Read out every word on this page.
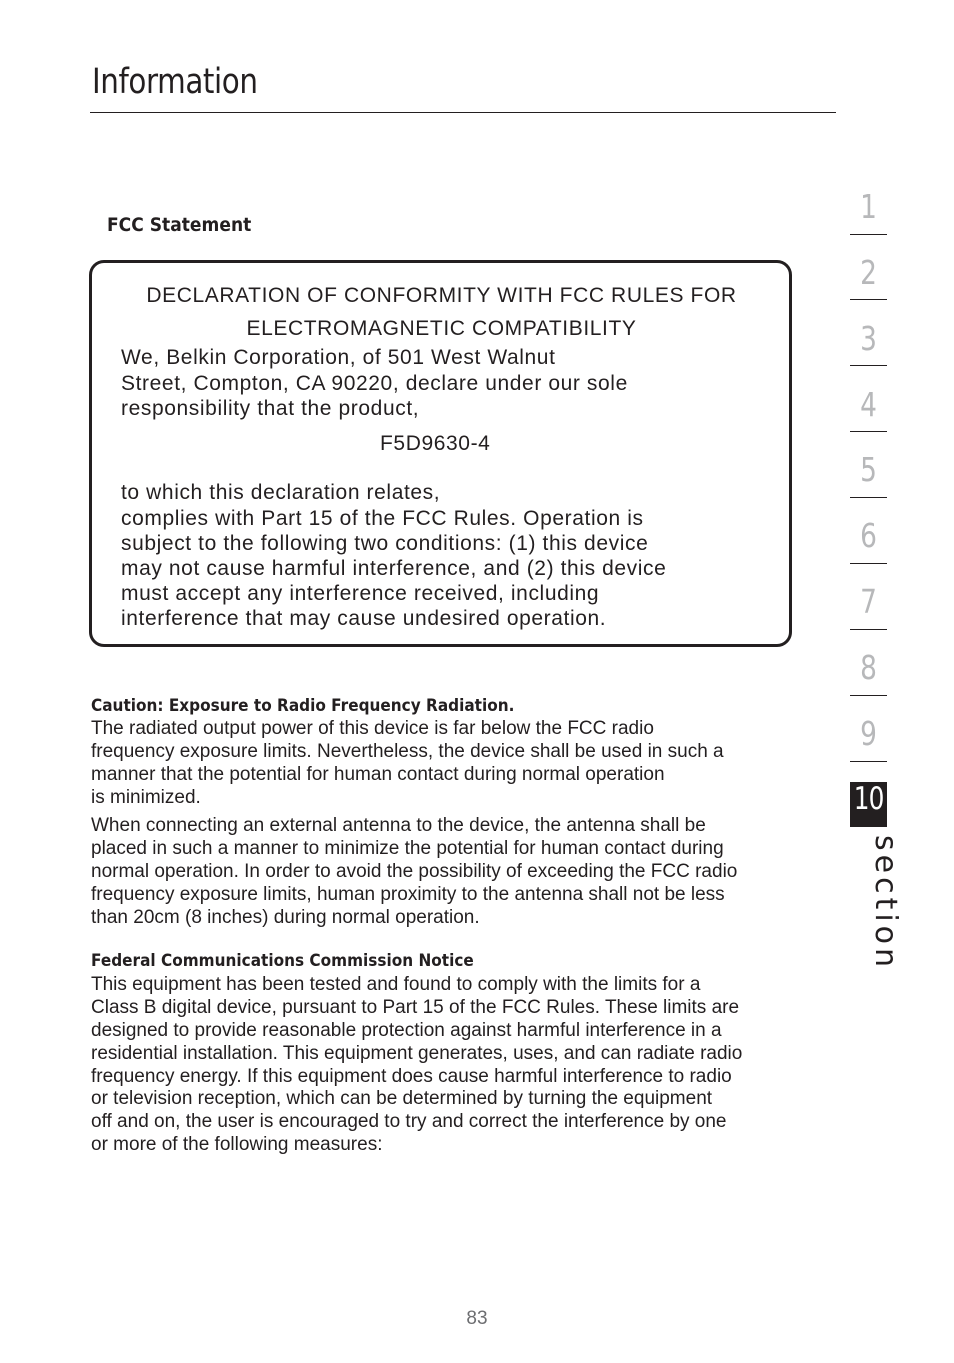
Information
FCC Statement
DECLARATION OF CONFORMITY WITH FCC RULES FOR
ELECTROMAGNETIC COMPATIBILITY
We, Belkin Corporation, of 501 West Walnut
Street, Compton, CA 90220, declare under our sole
responsibility that the product,
F5D9630-4
to which this declaration relates,
complies with Part 15 of the FCC Rules. Operation is
subject to the following two conditions: (1) this device
may not cause harmful interference, and (2) this device
must accept any interference received, including
interference that may cause undesired operation.
Caution: Exposure to Radio Frequency Radiation.
The radiated output power of this device is far below the FCC radio
frequency exposure limits. Nevertheless, the device shall be used in such a
manner that the potential for human contact during normal operation
is minimized.
When connecting an external antenna to the device, the antenna shall be
placed in such a manner to minimize the potential for human contact during
normal operation. In order to avoid the possibility of exceeding the FCC radio
frequency exposure limits, human proximity to the antenna shall not be less
than 20cm (8 inches) during normal operation.
Federal Communications Commission Notice
This equipment has been tested and found to comply with the limits for a
Class B digital device, pursuant to Part 15 of the FCC Rules. These limits are
designed to provide reasonable protection against harmful interference in a
residential installation. This equipment generates, uses, and can radiate radio
frequency energy. If this equipment does cause harmful interference to radio
or television reception, which can be determined by turning the equipment
off and on, the user is encouraged to try and correct the interference by one
or more of the following measures:
1
2
3
4
5
6
7
8
9
10
section
83
